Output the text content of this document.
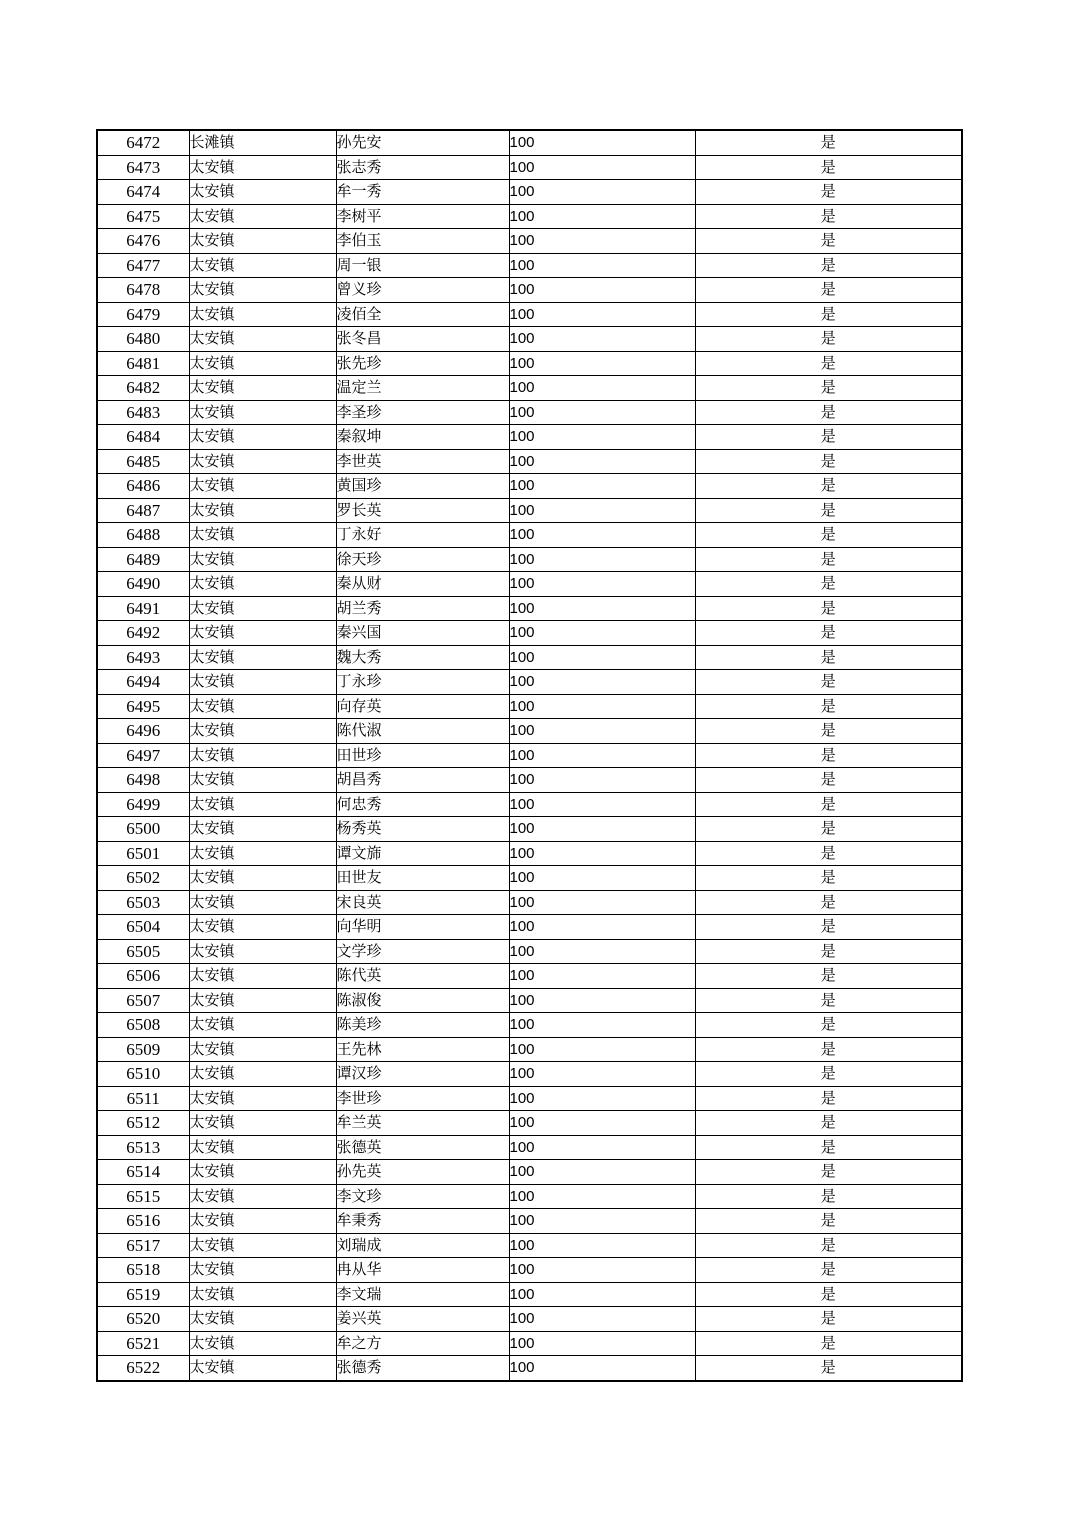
6472	长滩镇	孙先安	100	是
6473	太安镇	张志秀	100	是
6474	太安镇	牟一秀	100	是
6475	太安镇	李树平	100	是
6476	太安镇	李伯玉	100	是
6477	太安镇	周一银	100	是
6478	太安镇	曾义珍	100	是
6479	太安镇	凌佰全	100	是
6480	太安镇	张冬昌	100	是
6481	太安镇	张先珍	100	是
6482	太安镇	温定兰	100	是
6483	太安镇	李圣珍	100	是
6484	太安镇	秦叙坤	100	是
6485	太安镇	李世英	100	是
6486	太安镇	黄国珍	100	是
6487	太安镇	罗长英	100	是
6488	太安镇	丁永好	100	是
6489	太安镇	徐天珍	100	是
6490	太安镇	秦从财	100	是
6491	太安镇	胡兰秀	100	是
6492	太安镇	秦兴国	100	是
6493	太安镇	魏大秀	100	是
6494	太安镇	丁永珍	100	是
6495	太安镇	向存英	100	是
6496	太安镇	陈代淑	100	是
6497	太安镇	田世珍	100	是
6498	太安镇	胡昌秀	100	是
6499	太安镇	何忠秀	100	是
6500	太安镇	杨秀英	100	是
6501	太安镇	谭文旆	100	是
6502	太安镇	田世友	100	是
6503	太安镇	宋良英	100	是
6504	太安镇	向华明	100	是
6505	太安镇	文学珍	100	是
6506	太安镇	陈代英	100	是
6507	太安镇	陈淑俊	100	是
6508	太安镇	陈美珍	100	是
6509	太安镇	王先林	100	是
6510	太安镇	谭汉珍	100	是
6511	太安镇	李世珍	100	是
6512	太安镇	牟兰英	100	是
6513	太安镇	张德英	100	是
6514	太安镇	孙先英	100	是
6515	太安镇	李文珍	100	是
6516	太安镇	牟秉秀	100	是
6517	太安镇	刘瑞成	100	是
6518	太安镇	冉从华	100	是
6519	太安镇	李文瑞	100	是
6520	太安镇	姜兴英	100	是
6521	太安镇	牟之方	100	是
6522	太安镇	张德秀	100	是
